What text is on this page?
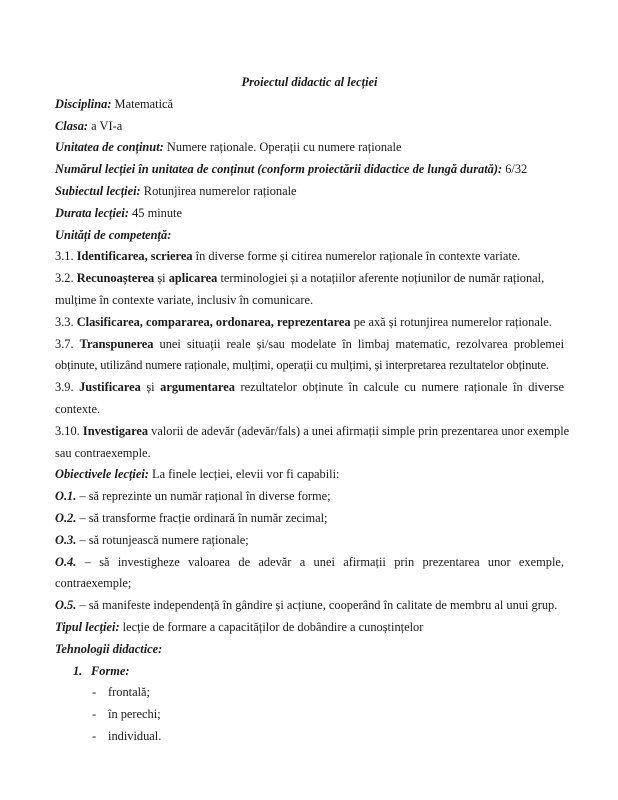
Proiectul didactic al lecției
Disciplina: Matematică
Clasa: a VI-a
Unitatea de conținut: Numere raționale. Operații cu numere raționale
Numărul lecției în unitatea de conținut (conform proiectării didactice de lungă durată): 6/32
Subiectul lecției: Rotunjirea numerelor raționale
Durata lecției: 45 minute
Unități de competență:
3.1. Identificarea, scrierea în diverse forme și citirea numerelor raționale în contexte variate.
3.2. Recunoașterea și aplicarea terminologiei și a notațiilor aferente noțiunilor de număr rațional,
mulțime în contexte variate, inclusiv în comunicare.
3.3. Clasificarea, compararea, ordonarea, reprezentarea pe axă și rotunjirea numerelor raționale.
3.7. Transpunerea unei situații reale și/sau modelate în limbaj matematic, rezolvarea problemei
obținute, utilizând numere raționale, mulțimi, operații cu mulțimi, și interpretarea rezultatelor obținute.
3.9. Justificarea și argumentarea rezultatelor obținute în calcule cu numere raționale în diverse
contexte.
3.10. Investigarea valorii de adevăr (adevăr/fals) a unei afirmații simple prin prezentarea unor exemple
sau contraexemple.
Obiectivele lecției: La finele lecției, elevii vor fi capabili:
O.1. – să reprezinte un număr rațional în diverse forme;
O.2. – să transforme fracție ordinară în număr zecimal;
O.3. – să rotunjească numere raționale;
O.4. – să investigheze valoarea de adevăr a unei afirmații prin prezentarea unor exemple,
contraexemple;
O.5. – să manifeste independență în gândire și acțiune, cooperând în calitate de membru al unui grup.
Tipul lecției: lecție de formare a capacităților de dobândire a cunoștințelor
Tehnologii didactice:
1. Forme:
- frontală;
- în perechi;
- individual.
